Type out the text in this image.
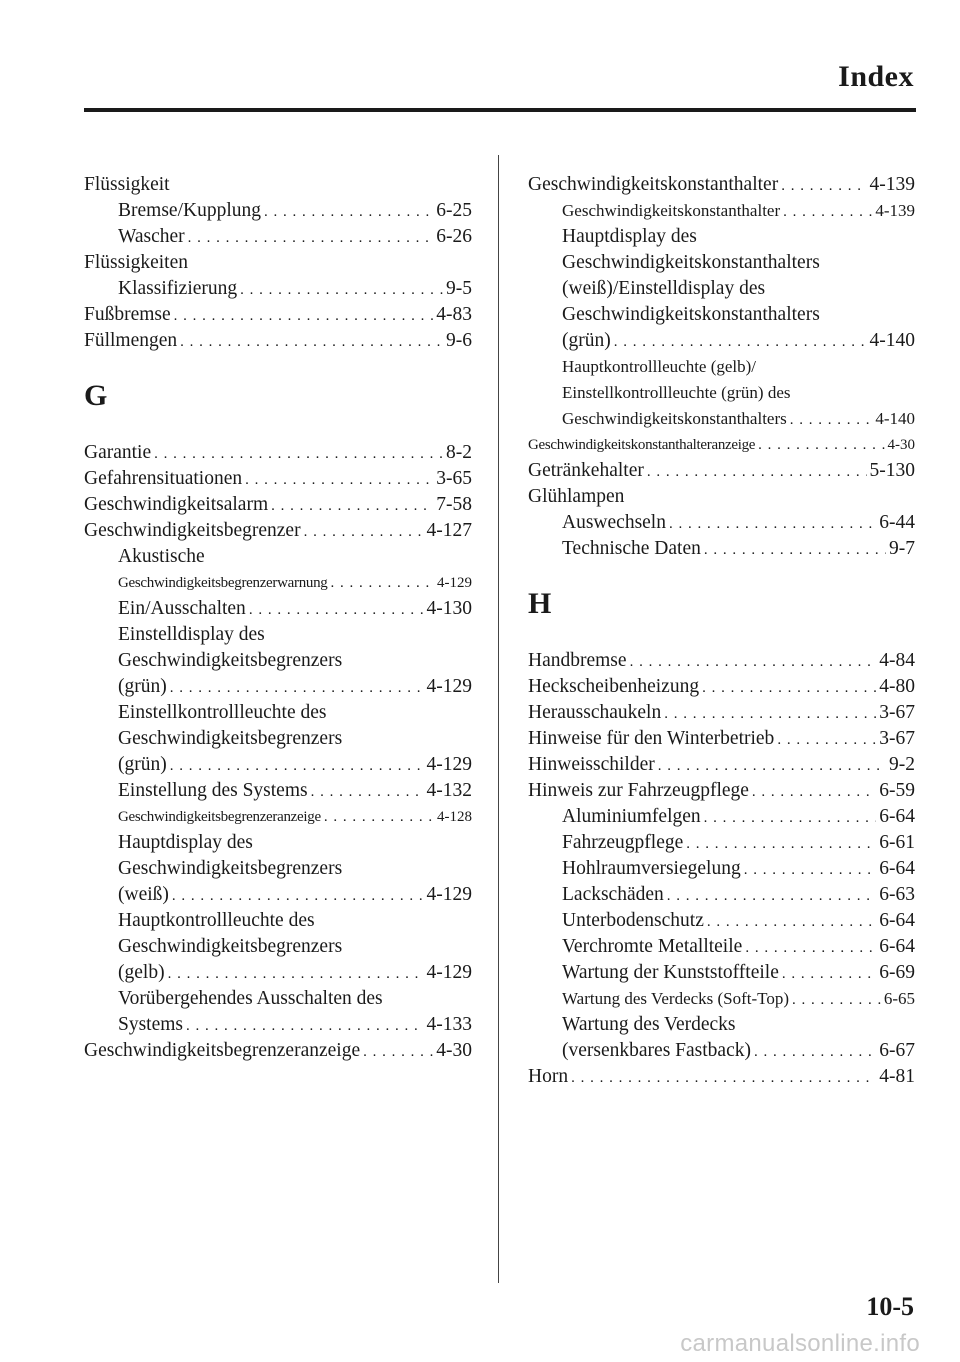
Index
Flüssigkeit
Bremse/Kupplung . . .	6-25
Wascher . . .	6-26
Flüssigkeiten
Klassifizierung . . .	9-5
Fußbremse . . .	4-83
Füllmengen . . .	9-6
G
Garantie . . .	8-2
Gefahrensituationen . . .	3-65
Geschwindigkeitsalarm . . .	7-58
Geschwindigkeitsbegrenzer . . .	4-127
Akustische
Geschwindigkeitsbegrenzerwarnung . . .	4-129
Ein/Ausschalten . . .	4-130
Einstelldisplay des
Geschwindigkeitsbegrenzers
(grün) . . .	4-129
Einstellkontrollleuchte des
Geschwindigkeitsbegrenzers
(grün) . . .	4-129
Einstellung des Systems . . .	4-132
Geschwindigkeitsbegrenzeranzeige . . .	4-128
Hauptdisplay des
Geschwindigkeitsbegrenzers
(weiß) . . .	4-129
Hauptkontrollleuchte des
Geschwindigkeitsbegrenzers
(gelb) . . .	4-129
Vorübergehendes Ausschalten des
Systems . . .	4-133
Geschwindigkeitsbegrenzeranzeige . . .	4-30
Geschwindigkeitskonstanthalter . . .	4-139
Geschwindigkeitskonstanthalter . . .	4-139
Hauptdisplay des
Geschwindigkeitskonstanthalters
(weiß)/Einstelldisplay des
Geschwindigkeitskonstanthalters
(grün) . . .	4-140
Hauptkontrollleuchte (gelb)/
Einstellkontrollleuchte (grün) des
Geschwindigkeitskonstanthalters . . .	4-140
Geschwindigkeitskonstanthalteranzeige . . .	4-30
Getränkehalter . . .	5-130
Glühlampen
Auswechseln . . .	6-44
Technische Daten . . .	9-7
H
Handbremse . . .	4-84
Heckscheibenheizung . . .	4-80
Herausschaukeln . . .	3-67
Hinweise für den Winterbetrieb . . .	3-67
Hinweisschilder . . .	9-2
Hinweis zur Fahrzeugpflege . . .	6-59
Aluminiumfelgen . . .	6-64
Fahrzeugpflege . . .	6-61
Hohlraumversiegelung . . .	6-64
Lackschäden . . .	6-63
Unterbodenschutz . . .	6-64
Verchromte Metallteile . . .	6-64
Wartung der Kunststoffteile . . .	6-69
Wartung des Verdecks (Soft-Top) . . .	6-65
Wartung des Verdecks
(versenkbares Fastback) . . .	6-67
Horn . . .	4-81
10-5
carmanualsonline.info
